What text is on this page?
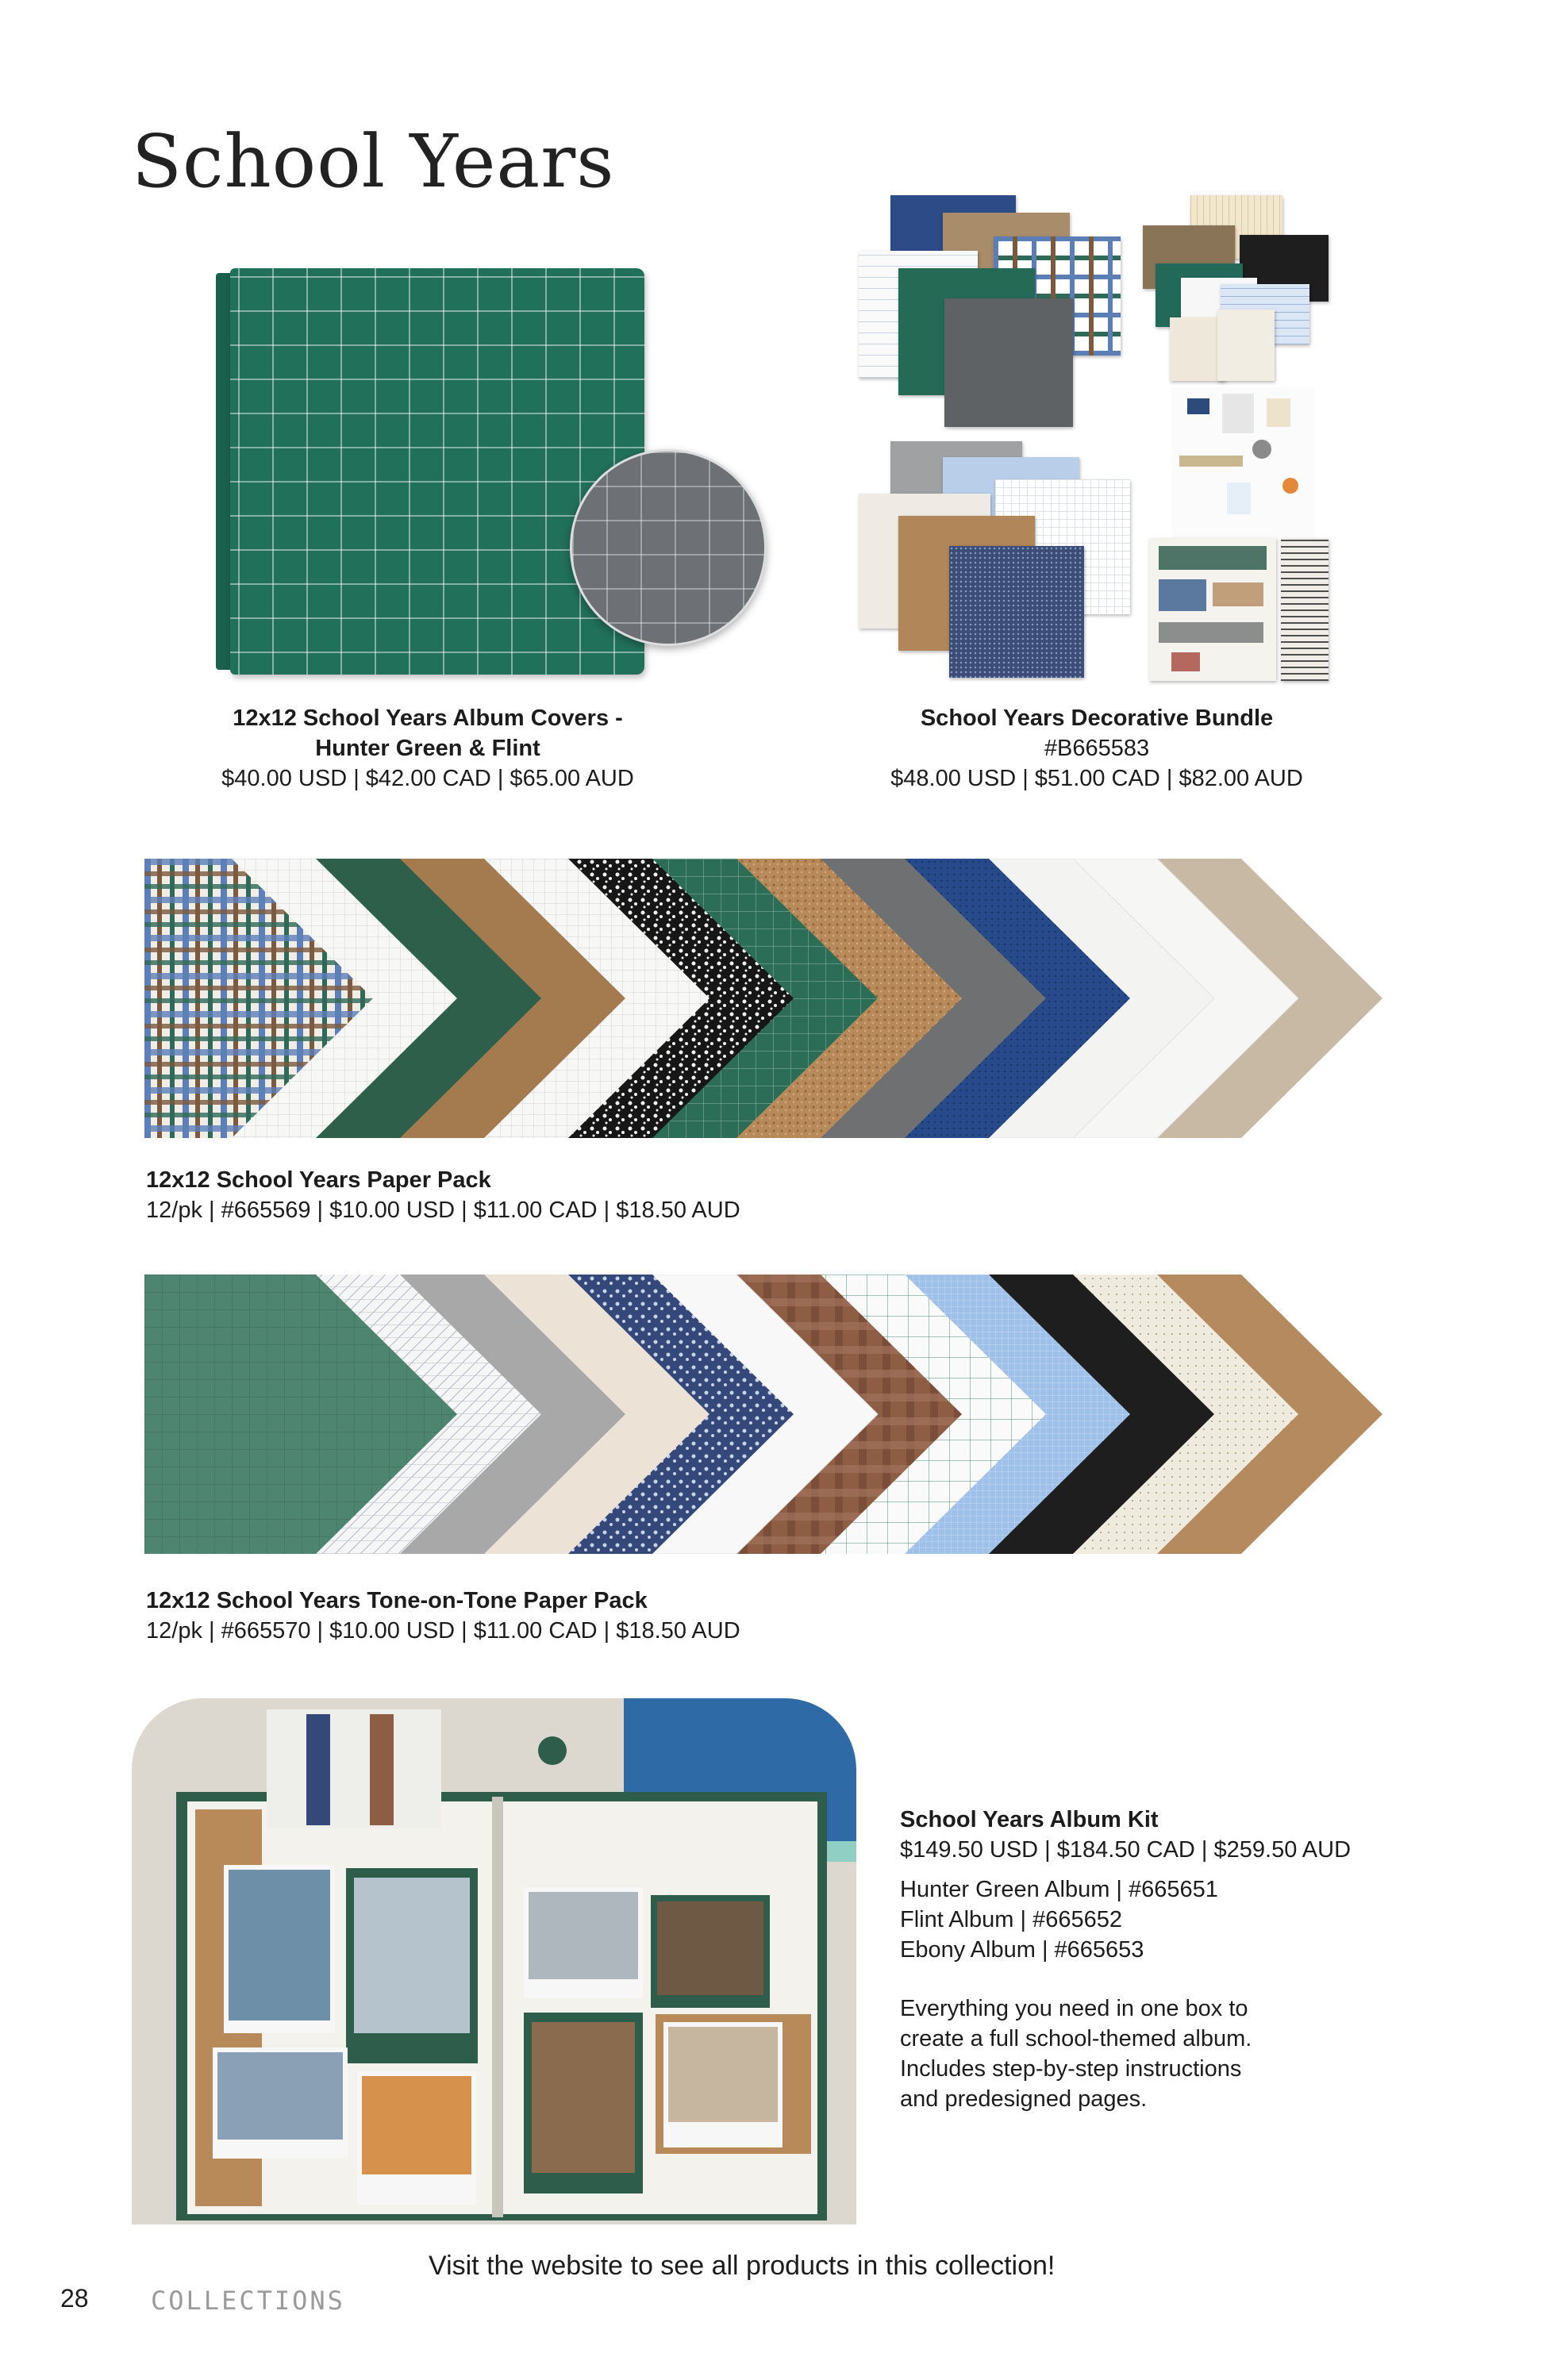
School Years
12x12 School Years Album Covers -
Hunter Green & Flint
$40.00 USD | $42.00 CAD | $65.00 AUD
School Years Decorative Bundle
#B665583
$48.00 USD | $51.00 CAD | $82.00 AUD
12x12 School Years Paper Pack
12/pk | #665569 | $10.00 USD | $11.00 CAD | $18.50 AUD
12x12 School Years Tone-on-Tone Paper Pack
12/pk | #665570 | $10.00 USD | $11.00 CAD | $18.50 AUD
School Years Album Kit
$149.50 USD | $184.50 CAD | $259.50 AUD
Hunter Green Album | #665651
Flint Album | #665652
Ebony Album | #665653
Everything you need in one box to
create a full school-themed album.
Includes step-by-step instructions
and predesigned pages.
Visit the website to see all products in this collection!
28 COLLECTIONS
